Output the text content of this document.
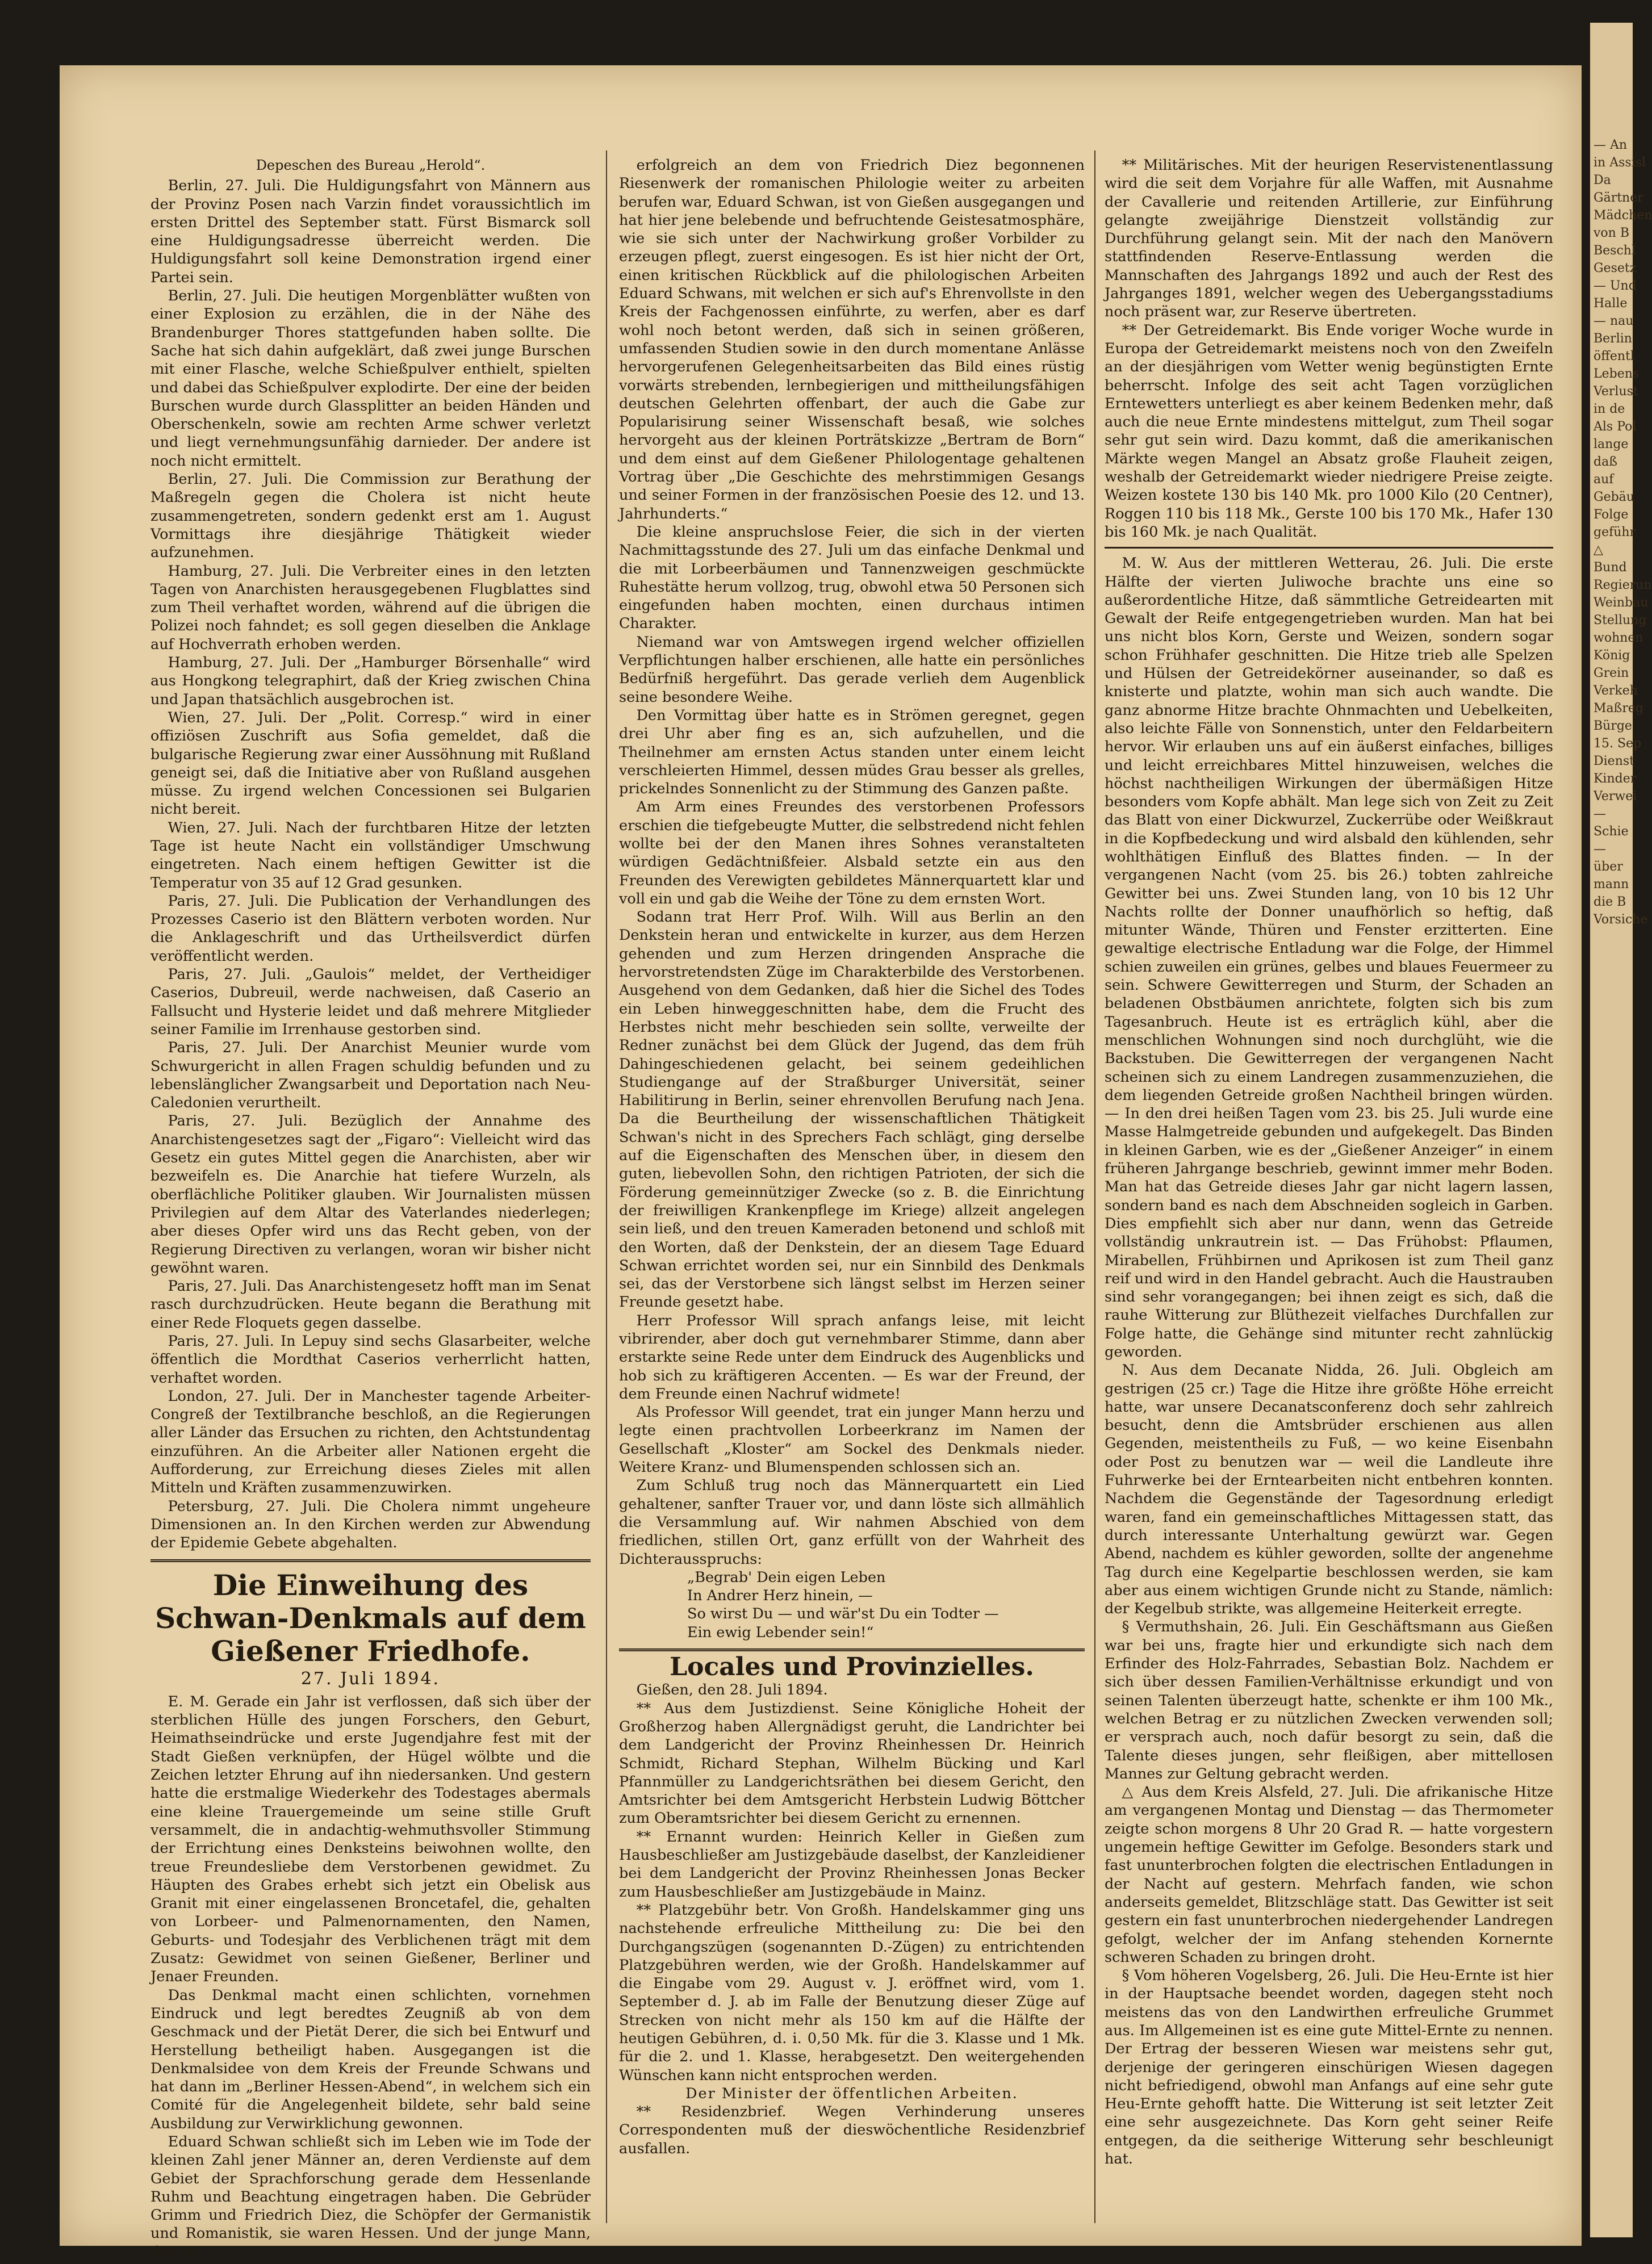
Depeschen des Bureau „Herold“.

Berlin, 27. Juli. Die Huldigungsfahrt von Männern aus der Provinz Posen nach Varzin findet voraussichtlich im ersten Drittel des September statt. Fürst Bismarck soll eine Huldigungsadresse überreicht werden. Die Huldigungsfahrt soll keine Demonstration irgend einer Partei sein.

Berlin, 27. Juli. Die heutigen Morgenblätter wußten von einer Explosion zu erzählen, die in der Nähe des Brandenburger Thores stattgefunden haben sollte. Die Sache hat sich dahin aufgeklärt, daß zwei junge Burschen mit einer Flasche, welche Schießpulver enthielt, spielten und dabei das Schießpulver explodirte. Der eine der beiden Burschen wurde durch Glassplitter an beiden Händen und Oberschenkeln, sowie am rechten Arme schwer verletzt und liegt vernehmungsunfähig darnieder. Der andere ist noch nicht ermittelt.

Berlin, 27. Juli. Die Commission zur Berathung der Maßregeln gegen die Cholera ist nicht heute zusammengetreten, sondern gedenkt erst am 1. August Vormittags ihre diesjährige Thätigkeit wieder aufzunehmen.

Hamburg, 27. Juli. Die Verbreiter eines in den letzten Tagen von Anarchisten herausgegebenen Flugblattes sind zum Theil verhaftet worden, während auf die übrigen die Polizei noch fahndet; es soll gegen dieselben die Anklage auf Hochverrath erhoben werden.

Hamburg, 27. Juli. Der „Hamburger Börsenhalle“ wird aus Hongkong telegraphirt, daß der Krieg zwischen China und Japan thatsächlich ausgebrochen ist.

Wien, 27. Juli. Der „Polit. Corresp.“ wird in einer offiziösen Zuschrift aus Sofia gemeldet, daß die bulgarische Regierung zwar einer Aussöhnung mit Rußland geneigt sei, daß die Initiative aber von Rußland ausgehen müsse. Zu irgend welchen Concessionen sei Bulgarien nicht bereit.

Wien, 27. Juli. Nach der furchtbaren Hitze der letzten Tage ist heute Nacht ein vollständiger Umschwung eingetreten. Nach einem heftigen Gewitter ist die Temperatur von 35 auf 12 Grad gesunken.

Paris, 27. Juli. Die Publication der Verhandlungen des Prozesses Caserio ist den Blättern verboten worden. Nur die Anklageschrift und das Urtheilsverdict dürfen veröffentlicht werden.

Paris, 27. Juli. „Gaulois“ meldet, der Vertheidiger Caserios, Dubreuil, werde nachweisen, daß Caserio an Fallsucht und Hysterie leidet und daß mehrere Mitglieder seiner Familie im Irrenhause gestorben sind.

Paris, 27. Juli. Der Anarchist Meunier wurde vom Schwurgericht in allen Fragen schuldig befunden und zu lebenslänglicher Zwangsarbeit und Deportation nach Neu-Caledonien verurtheilt.

Paris, 27. Juli. Bezüglich der Annahme des Anarchistengesetzes sagt der „Figaro“: Vielleicht wird das Gesetz ein gutes Mittel gegen die Anarchisten, aber wir bezweifeln es. Die Anarchie hat tiefere Wurzeln, als oberflächliche Politiker glauben. Wir Journalisten müssen Privilegien auf dem Altar des Vaterlandes niederlegen; aber dieses Opfer wird uns das Recht geben, von der Regierung Directiven zu verlangen, woran wir bisher nicht gewöhnt waren.

Paris, 27. Juli. Das Anarchistengesetz hofft man im Senat rasch durchzudrücken. Heute begann die Berathung mit einer Rede Floquets gegen dasselbe.

Paris, 27. Juli. In Lepuy sind sechs Glasarbeiter, welche öffentlich die Mordthat Caserios verherrlicht hatten, verhaftet worden.

London, 27. Juli. Der in Manchester tagende Arbeiter-Congreß der Textilbranche beschloß, an die Regierungen aller Länder das Ersuchen zu richten, den Achtstundentag einzuführen. An die Arbeiter aller Nationen ergeht die Aufforderung, zur Erreichung dieses Zieles mit allen Mitteln und Kräften zusammenzuwirken.

Petersburg, 27. Juli. Die Cholera nimmt ungeheure Dimensionen an. In den Kirchen werden zur Abwendung der Epidemie Gebete abgehalten.

Die Einweihung des Schwan-Denkmals auf dem Gießener Friedhofe.

27. Juli 1894.

E. M. Gerade ein Jahr ist verflossen, daß sich über der sterblichen Hülle des jungen Forschers, den Geburt, Heimathseindrücke und erste Jugendjahre fest mit der Stadt Gießen verknüpfen, der Hügel wölbte und die Zeichen letzter Ehrung auf ihn niedersanken. Und gestern hatte die erstmalige Wiederkehr des Todestages abermals eine kleine Trauergemeinde um seine stille Gruft versammelt, die in andachtig-wehmuthsvoller Stimmung der Errichtung eines Denksteins beiwohnen wollte, den treue Freundesliebe dem Verstorbenen gewidmet. Zu Häupten des Grabes erhebt sich jetzt ein Obelisk aus Granit mit einer eingelassenen Broncetafel, die, gehalten von Lorbeer- und Palmenornamenten, den Namen, Geburts- und Todesjahr des Verblichenen trägt mit dem Zusatz: Gewidmet von seinen Gießener, Berliner und Jenaer Freunden.

Das Denkmal macht einen schlichten, vornehmen Eindruck und legt beredtes Zeugniß ab von dem Geschmack und der Pietät Derer, die sich bei Entwurf und Herstellung betheiligt haben. Ausgegangen ist die Denkmalsidee von dem Kreis der Freunde Schwans und hat dann im „Berliner Hessen-Abend“, in welchem sich ein Comité für die Angelegenheit bildete, sehr bald seine Ausbildung zur Verwirklichung gewonnen.

Eduard Schwan schließt sich im Leben wie im Tode der kleinen Zahl jener Männer an, deren Verdienste auf dem Gebiet der Sprachforschung gerade dem Hessenlande Ruhm und Beachtung eingetragen haben. Die Gebrüder Grimm und Friedrich Diez, die Schöpfer der Germanistik und Romanistik, sie waren Hessen. Und der junge Mann, der so

erfolgreich an dem von Friedrich Diez begonnenen Riesenwerk der romanischen Philologie weiter zu arbeiten berufen war, Eduard Schwan, ist von Gießen ausgegangen und hat hier jene belebende und befruchtende Geistesatmosphäre, wie sie sich unter der Nachwirkung großer Vorbilder zu erzeugen pflegt, zuerst eingesogen. Es ist hier nicht der Ort, einen kritischen Rückblick auf die philologischen Arbeiten Eduard Schwans, mit welchen er sich auf's Ehrenvollste in den Kreis der Fachgenossen einführte, zu werfen, aber es darf wohl noch betont werden, daß sich in seinen größeren, umfassenden Studien sowie in den durch momentane Anlässe hervorgerufenen Gelegenheitsarbeiten das Bild eines rüstig vorwärts strebenden, lernbegierigen und mittheilungsfähigen deutschen Gelehrten offenbart, der auch die Gabe zur Popularisirung seiner Wissenschaft besaß, wie solches hervorgeht aus der kleinen Porträtskizze „Bertram de Born“ und dem einst auf dem Gießener Philologentage gehaltenen Vortrag über „Die Geschichte des mehrstimmigen Gesangs und seiner Formen in der französischen Poesie des 12. und 13. Jahrhunderts.“

Die kleine anspruchslose Feier, die sich in der vierten Nachmittagsstunde des 27. Juli um das einfache Denkmal und die mit Lorbeerbäumen und Tannenzweigen geschmückte Ruhestätte herum vollzog, trug, obwohl etwa 50 Personen sich eingefunden haben mochten, einen durchaus intimen Charakter.

Niemand war von Amtswegen irgend welcher offiziellen Verpflichtungen halber erschienen, alle hatte ein persönliches Bedürfniß hergeführt. Das gerade verlieh dem Augenblick seine besondere Weihe.

Den Vormittag über hatte es in Strömen geregnet, gegen drei Uhr aber fing es an, sich aufzuhellen, und die Theilnehmer am ernsten Actus standen unter einem leicht verschleierten Himmel, dessen müdes Grau besser als grelles, prickelndes Sonnenlicht zu der Stimmung des Ganzen paßte.

Am Arm eines Freundes des verstorbenen Professors erschien die tiefgebeugte Mutter, die selbstredend nicht fehlen wollte bei der den Manen ihres Sohnes veranstalteten würdigen Gedächtnißfeier. Alsbald setzte ein aus den Freunden des Verewigten gebildetes Männerquartett klar und voll ein und gab die Weihe der Töne zu dem ernsten Wort.

Sodann trat Herr Prof. Wilh. Will aus Berlin an den Denkstein heran und entwickelte in kurzer, aus dem Herzen gehenden und zum Herzen dringenden Ansprache die hervorstretendsten Züge im Charakterbilde des Verstorbenen. Ausgehend von dem Gedanken, daß hier die Sichel des Todes ein Leben hinweggeschnitten habe, dem die Frucht des Herbstes nicht mehr beschieden sein sollte, verweilte der Redner zunächst bei dem Glück der Jugend, das dem früh Dahingeschiedenen gelacht, bei seinem gedeihlichen Studiengange auf der Straßburger Universität, seiner Habilitirung in Berlin, seiner ehrenvollen Berufung nach Jena. Da die Beurtheilung der wissenschaftlichen Thätigkeit Schwan's nicht in des Sprechers Fach schlägt, ging derselbe auf die Eigenschaften des Menschen über, in diesem den guten, liebevollen Sohn, den richtigen Patrioten, der sich die Förderung gemeinnütziger Zwecke (so z. B. die Einrichtung der freiwilligen Krankenpflege im Kriege) allzeit angelegen sein ließ, und den treuen Kameraden betonend und schloß mit den Worten, daß der Denkstein, der an diesem Tage Eduard Schwan errichtet worden sei, nur ein Sinnbild des Denkmals sei, das der Verstorbene sich längst selbst im Herzen seiner Freunde gesetzt habe.

Herr Professor Will sprach anfangs leise, mit leicht vibrirender, aber doch gut vernehmbarer Stimme, dann aber erstarkte seine Rede unter dem Eindruck des Augenblicks und hob sich zu kräftigeren Accenten. — Es war der Freund, der dem Freunde einen Nachruf widmete!

Als Professor Will geendet, trat ein junger Mann herzu und legte einen prachtvollen Lorbeerkranz im Namen der Gesellschaft „Kloster“ am Sockel des Denkmals nieder. Weitere Kranz- und Blumenspenden schlossen sich an.

Zum Schluß trug noch das Männerquartett ein Lied gehaltener, sanfter Trauer vor, und dann löste sich allmählich die Versammlung auf. Wir nahmen Abschied von dem friedlichen, stillen Ort, ganz erfüllt von der Wahrheit des Dichterausspruchs:

„Begrab' Dein eigen Leben

In Andrer Herz hinein, —

So wirst Du — und wär'st Du ein Todter —

Ein ewig Lebender sein!“

Locales und Provinzielles.

Gießen, den 28. Juli 1894.

** Aus dem Justizdienst. Seine Königliche Hoheit der Großherzog haben Allergnädigst geruht, die Landrichter bei dem Landgericht der Provinz Rheinhessen Dr. Heinrich Schmidt, Richard Stephan, Wilhelm Bücking und Karl Pfannmüller zu Landgerichtsräthen bei diesem Gericht, den Amtsrichter bei dem Amtsgericht Herbstein Ludwig Böttcher zum Oberamtsrichter bei diesem Gericht zu ernennen.

** Ernannt wurden: Heinrich Keller in Gießen zum Hausbeschließer am Justizgebäude daselbst, der Kanzleidiener bei dem Landgericht der Provinz Rheinhessen Jonas Becker zum Hausbeschließer am Justizgebäude in Mainz.

** Platzgebühr betr. Von Großh. Handelskammer ging uns nachstehende erfreuliche Mittheilung zu: Die bei den Durchgangszügen (sogenannten D.-Zügen) zu entrichtenden Platzgebühren werden, wie der Großh. Handelskammer auf die Eingabe vom 29. August v. J. eröffnet wird, vom 1. September d. J. ab im Falle der Benutzung dieser Züge auf Strecken von nicht mehr als 150 km auf die Hälfte der heutigen Gebühren, d. i. 0,50 Mk. für die 3. Klasse und 1 Mk. für die 2. und 1. Klasse, herabgesetzt. Den weitergehenden Wünschen kann nicht entsprochen werden.

Der Minister der öffentlichen Arbeiten.

** Residenzbrief. Wegen Verhinderung unseres Correspondenten muß der dieswöchentliche Residenzbrief ausfallen.

** Militärisches. Mit der heurigen Reservistenentlassung wird die seit dem Vorjahre für alle Waffen, mit Ausnahme der Cavallerie und reitenden Artillerie, zur Einführung gelangte zweijährige Dienstzeit vollständig zur Durchführung gelangt sein. Mit der nach den Manövern stattfindenden Reserve-Entlassung werden die Mannschaften des Jahrgangs 1892 und auch der Rest des Jahrganges 1891, welcher wegen des Uebergangsstadiums noch präsent war, zur Reserve übertreten.

** Der Getreidemarkt. Bis Ende voriger Woche wurde in Europa der Getreidemarkt meistens noch von den Zweifeln an der diesjährigen vom Wetter wenig begünstigten Ernte beherrscht. Infolge des seit acht Tagen vorzüglichen Erntewetters unterliegt es aber keinem Bedenken mehr, daß auch die neue Ernte mindestens mittelgut, zum Theil sogar sehr gut sein wird. Dazu kommt, daß die amerikanischen Märkte wegen Mangel an Absatz große Flauheit zeigen, weshalb der Getreidemarkt wieder niedrigere Preise zeigte. Weizen kostete 130 bis 140 Mk. pro 1000 Kilo (20 Centner), Roggen 110 bis 118 Mk., Gerste 100 bis 170 Mk., Hafer 130 bis 160 Mk. je nach Qualität.

M. W. Aus der mittleren Wetterau, 26. Juli. Die erste Hälfte der vierten Juliwoche brachte uns eine so außerordentliche Hitze, daß sämmtliche Getreidearten mit Gewalt der Reife entgegengetrieben wurden. Man hat bei uns nicht blos Korn, Gerste und Weizen, sondern sogar schon Frühhafer geschnitten. Die Hitze trieb alle Spelzen und Hülsen der Getreidekörner auseinander, so daß es knisterte und platzte, wohin man sich auch wandte. Die ganz abnorme Hitze brachte Ohnmachten und Uebelkeiten, also leichte Fälle von Sonnenstich, unter den Feldarbeitern hervor. Wir erlauben uns auf ein äußerst einfaches, billiges und leicht erreichbares Mittel hinzuweisen, welches die höchst nachtheiligen Wirkungen der übermäßigen Hitze besonders vom Kopfe abhält. Man lege sich von Zeit zu Zeit das Blatt von einer Dickwurzel, Zuckerrübe oder Weißkraut in die Kopfbedeckung und wird alsbald den kühlenden, sehr wohlthätigen Einfluß des Blattes finden. — In der vergangenen Nacht (vom 25. bis 26.) tobten zahlreiche Gewitter bei uns. Zwei Stunden lang, von 10 bis 12 Uhr Nachts rollte der Donner unaufhörlich so heftig, daß mitunter Wände, Thüren und Fenster erzitterten. Eine gewaltige electrische Entladung war die Folge, der Himmel schien zuweilen ein grünes, gelbes und blaues Feuermeer zu sein. Schwere Gewitterregen und Sturm, der Schaden an beladenen Obstbäumen anrichtete, folgten sich bis zum Tagesanbruch. Heute ist es erträglich kühl, aber die menschlichen Wohnungen sind noch durchglüht, wie die Backstuben. Die Gewitterregen der vergangenen Nacht scheinen sich zu einem Landregen zusammenzuziehen, die dem liegenden Getreide großen Nachtheil bringen würden. — In den drei heißen Tagen vom 23. bis 25. Juli wurde eine Masse Halmgetreide gebunden und aufgekegelt. Das Binden in kleinen Garben, wie es der „Gießener Anzeiger“ in einem früheren Jahrgange beschrieb, gewinnt immer mehr Boden. Man hat das Getreide dieses Jahr gar nicht lagern lassen, sondern band es nach dem Abschneiden sogleich in Garben. Dies empfiehlt sich aber nur dann, wenn das Getreide vollständig unkrautrein ist. — Das Frühobst: Pflaumen, Mirabellen, Frühbirnen und Aprikosen ist zum Theil ganz reif und wird in den Handel gebracht. Auch die Haustrauben sind sehr vorangegangen; bei ihnen zeigt es sich, daß die rauhe Witterung zur Blüthezeit vielfaches Durchfallen zur Folge hatte, die Gehänge sind mitunter recht zahnlückig geworden.

N. Aus dem Decanate Nidda, 26. Juli. Obgleich am gestrigen (25 cr.) Tage die Hitze ihre größte Höhe erreicht hatte, war unsere Decanatsconferenz doch sehr zahlreich besucht, denn die Amtsbrüder erschienen aus allen Gegenden, meistentheils zu Fuß, — wo keine Eisenbahn oder Post zu benutzen war — weil die Landleute ihre Fuhrwerke bei der Erntearbeiten nicht entbehren konnten. Nachdem die Gegenstände der Tagesordnung erledigt waren, fand ein gemeinschaftliches Mittagessen statt, das durch interessante Unterhaltung gewürzt war. Gegen Abend, nachdem es kühler geworden, sollte der angenehme Tag durch eine Kegelpartie beschlossen werden, sie kam aber aus einem wichtigen Grunde nicht zu Stande, nämlich: der Kegelbub strikte, was allgemeine Heiterkeit erregte.

§ Vermuthshain, 26. Juli. Ein Geschäftsmann aus Gießen war bei uns, fragte hier und erkundigte sich nach dem Erfinder des Holz-Fahrrades, Sebastian Bolz. Nachdem er sich über dessen Familien-Verhältnisse erkundigt und von seinen Talenten überzeugt hatte, schenkte er ihm 100 Mk., welchen Betrag er zu nützlichen Zwecken verwenden soll; er versprach auch, noch dafür besorgt zu sein, daß die Talente dieses jungen, sehr fleißigen, aber mittellosen Mannes zur Geltung gebracht werden.

△ Aus dem Kreis Alsfeld, 27. Juli. Die afrikanische Hitze am vergangenen Montag und Dienstag — das Thermometer zeigte schon morgens 8 Uhr 20 Grad R. — hatte vorgestern ungemein heftige Gewitter im Gefolge. Besonders stark und fast ununterbrochen folgten die electrischen Entladungen in der Nacht auf gestern. Mehrfach fanden, wie schon anderseits gemeldet, Blitzschläge statt. Das Gewitter ist seit gestern ein fast ununterbrochen niedergehender Landregen gefolgt, welcher der im Anfang stehenden Kornernte schweren Schaden zu bringen droht.

§ Vom höheren Vogelsberg, 26. Juli. Die Heu-Ernte ist hier in der Hauptsache beendet worden, dagegen steht noch meistens das von den Landwirthen erfreuliche Grummet aus. Im Allgemeinen ist es eine gute Mittel-Ernte zu nennen. Der Ertrag der besseren Wiesen war meistens sehr gut, derjenige der geringeren einschürigen Wiesen dagegen nicht befriedigend, obwohl man Anfangs auf eine sehr gute Heu-Ernte gehofft hatte. Die Witterung ist seit letzter Zeit eine sehr ausgezeichnete. Das Korn geht seiner Reife entgegen, da die seitherige Witterung sehr beschleunigt hat.

— An
in Assisl
Da
Gärtner
Mädchen
von B
Beschl
Gesetz
— Und
Halle
— nau
Berlin
öffentl
Lebens
Verlust
in de
Als Pol
lange
daß
auf
Gebäu
Folge
geführ
△
Bund
Regierun
Weinbau
Stellung
wohnen
König
Grein
Verkeh
Maßreg
Bürge
15. Sep
Dienst
Kinder
Verwei
—
Schie
—
über
mann
die B
Vorsiche
